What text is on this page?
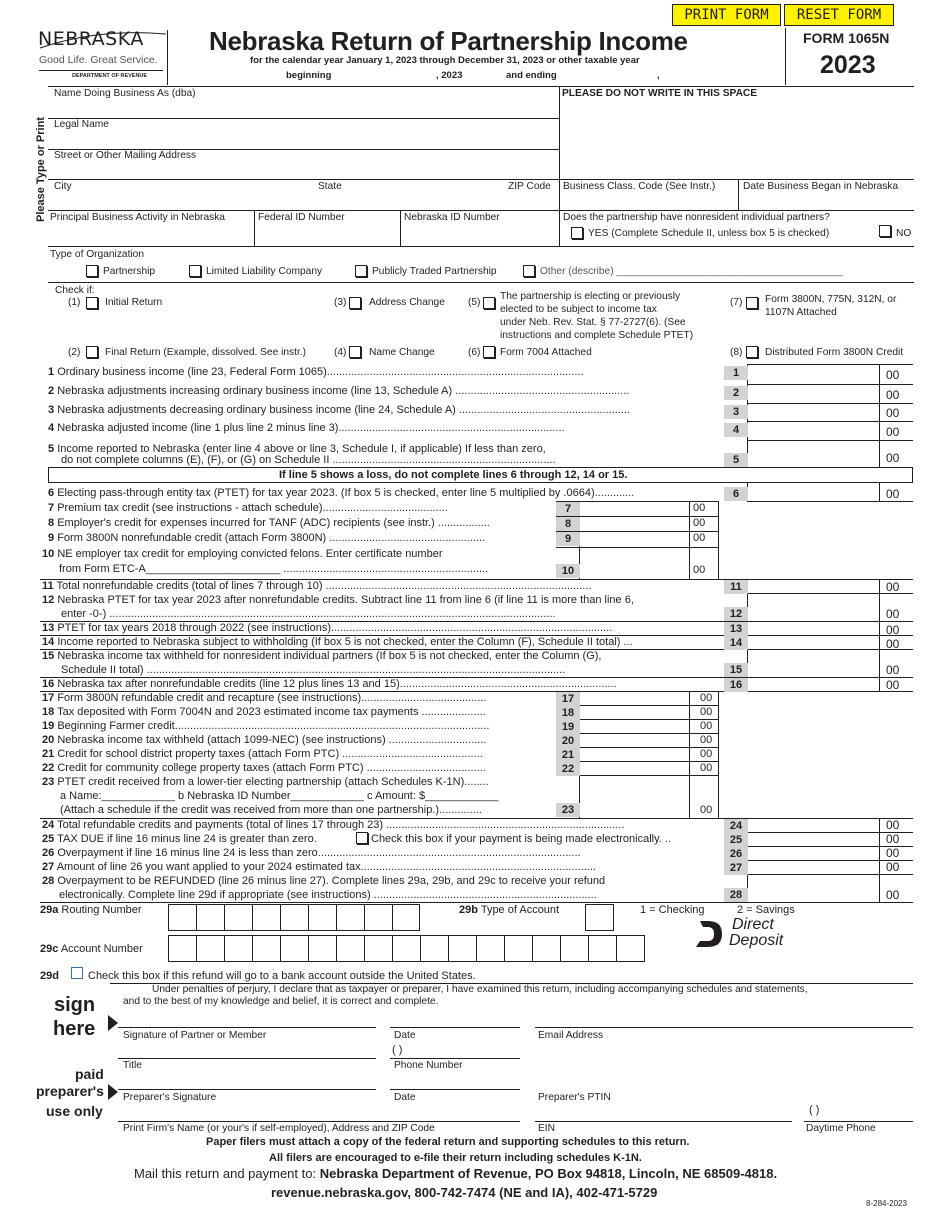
PRINT FORM	RESET FORM
NEBRASKA
Good Life. Great Service.
DEPARTMENT OF REVENUE
Nebraska Return of Partnership Income
for the calendar year January 1, 2023 through December 31, 2023 or other taxable year
beginning	, 2023	and ending	,
FORM 1065N
2023
Please Type or Print
Name Doing Business As (dba)	PLEASE DO NOT WRITE IN THIS SPACE
Legal Name
Street or Other Mailing Address
City	State	ZIP Code Business Class. Code (See Instr.)	Date Business Began in Nebraska
Principal Business Activity in Nebraska	Federal ID Number	Nebraska ID Number	Does the partnership have nonresident individual partners?
YES (Complete Schedule II, unless box 5 is checked)	NO
Type of Organization
Partnership	Limited Liability Company	Publicly Traded Partnership	Other (describe) ________________________________________
Check if:
(1) Initial Return	(3) Address Change (5)
The partnership is electing or previously
elected to be subject to income tax
under Neb. Rev. Stat. § 77-2727(6). (See
instructions and complete Schedule PTET)
(7) Form 3800N, 775N, 312N, or
1107N Attached
(2) Final Return (Example, dissolved. See instr.)	(4) Name Change	(6) Form 7004 Attached	(8) Distributed Form 3800N Credit
1 Ordinary business income (line 23, Federal Form 1065)....................................................................................	1	00
2 Nebraska adjustments increasing ordinary business income (line 13, Schedule A) .........................................................	2	00
3 Nebraska adjustments decreasing ordinary business income (line 24, Schedule A) ........................................................	3	00
4 Nebraska adjusted income (line 1 plus line 2 minus line 3)..........................................................................	4	00
5 Income reported to Nebraska (enter line 4 above or line 3, Schedule I, if applicable) If less than zero,
do not complete columns (E), (F), or (G) on Schedule II .........................................................................	5	00
If line 5 shows a loss, do not complete lines 6 through 12, 14 or 15.
6 Electing pass-through entity tax (PTET) for tax year 2023. (If box 5 is checked, enter line 5 multiplied by .0664).............	6	00
7 Premium tax credit (see instructions - attach schedule).........................................	7	00
8 Employer's credit for expenses incurred for TANF (ADC) recipients (see instr.) .................	8	00
9 Form 3800N nonrefundable credit (attach Form 3800N) ...................................................	9	00
10 NE employer tax credit for employing convicted felons. Enter certificate number
from Form ETC-A______________________ ...................................................................	10	00
11 Total nonrefundable credits (total of lines 7 through 10) .......................................................................................	11	00
12 Nebraska PTET for tax year 2023 after nonrefundable credits. Subtract line 11 from line 6 (if line 11 is more than line 6,
enter -0-) ..................................................................................................................................................	12	00
13 PTET for tax years 2018 through 2022 (see instructions)............................................................................................	13	00
14 Income reported to Nebraska subject to withholding (If box 5 is not checked, enter the Column (F), Schedule II total) ...	14	00
15 Nebraska income tax withheld for nonresident individual partners (If box 5 is not checked, enter the Column (G),
Schedule II total) .........................................................................................................................................	15	00
16 Nebraska tax after nonrefundable credits (line 12 plus lines 13 and 15).......................................................................	16	00
17 Form 3800N refundable credit and recapture (see instructions).........................................	17	00
18 Tax deposited with Form 7004N and 2023 estimated income tax payments .....................	18	00
19 Beginning Farmer credit.......................................................................................................	19	00
20 Nebraska income tax withheld (attach 1099-NEC) (see instructions) ................................	20	00
21 Credit for school district property taxes (attach Form PTC) ..............................................	21	00
22 Credit for community college property taxes (attach Form PTC) .......................................	22	00
23 PTET credit received from a lower-tier electing partnership (attach Schedules K-1N)........
a Name:____________ b Nebraska ID Number____________ c Amount: $____________
(Attach a schedule if the credit was received from more than one partnership.)..............	23	00
24 Total refundable credits and payments (total of lines 17 through 23) ..............................................................................	24	00
25 TAX DUE if line 16 minus line 24 is greater than zero.	Check this box if your payment is being made electronically. ..	25	00
26 Overpayment if line 16 minus line 24 is less than zero......................................................................................	26	00
27 Amount of line 26 you want applied to your 2024 estimated tax.............................................................................	27	00
28 Overpayment to be REFUNDED (line 26 minus line 27). Complete lines 29a, 29b, and 29c to receive your refund
electronically. Complete line 29d if appropriate (see instructions) .........................................................................	28	00
29a Routing Number	29b Type of Account	1 = Checking	2 = Savings
Direct
Deposit
29c Account Number
29d	Check this box if this refund will go to a bank account outside the United States.
Under penalties of perjury, I declare that as taxpayer or preparer, I have examined this return, including accompanying schedules and statements,
and to the best of my knowledge and belief, it is correct and complete.
sign
here	Signature of Partner or Member	Date	Email Address
( )
Title	Phone Number
paid
preparer's
use only
Preparer's Signature	Date	Preparer's PTIN
( )
Print Firm's Name (or your's if self-employed), Address and ZIP Code	EIN	Daytime Phone
Paper filers must attach a copy of the federal return and supporting schedules to this return.
All filers are encouraged to e-file their return including schedules K-1N.
Mail this return and payment to: Nebraska Department of Revenue, PO Box 94818, Lincoln, NE 68509-4818.
revenue.nebraska.gov, 800-742-7474 (NE and IA), 402-471-5729
8-284-2023
